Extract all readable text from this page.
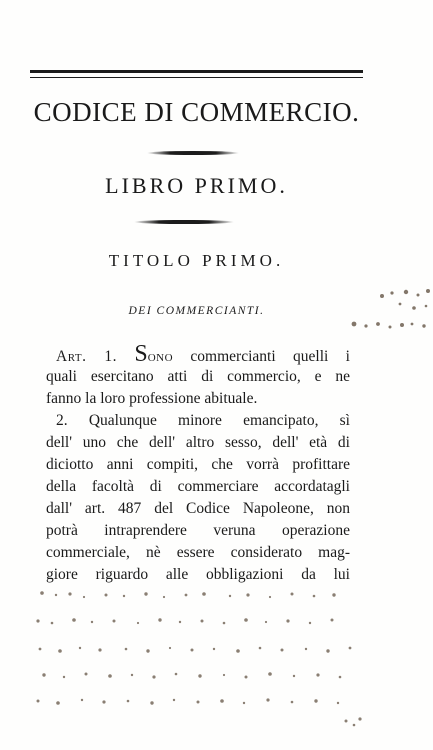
CODICE DI COMMERCIO.
LIBRO PRIMO.
TITOLO PRIMO.
DEI COMMERCIANTI.
Art. 1. Sono commercianti quelli i
quali esercitano atti di commercio, e ne
fanno la loro professione abituale.
2. Qualunque minore emancipato, sì
dell' uno che dell' altro sesso, dell' età di
diciotto anni compiti, che vorrà profittare
della facoltà di commerciare accordatagli
dall' art. 487 del Codice Napoleone, non
potrà intraprendere veruna operazione
commerciale, nè essere considerato mag-
giore riguardo alle obbligazioni da lui
